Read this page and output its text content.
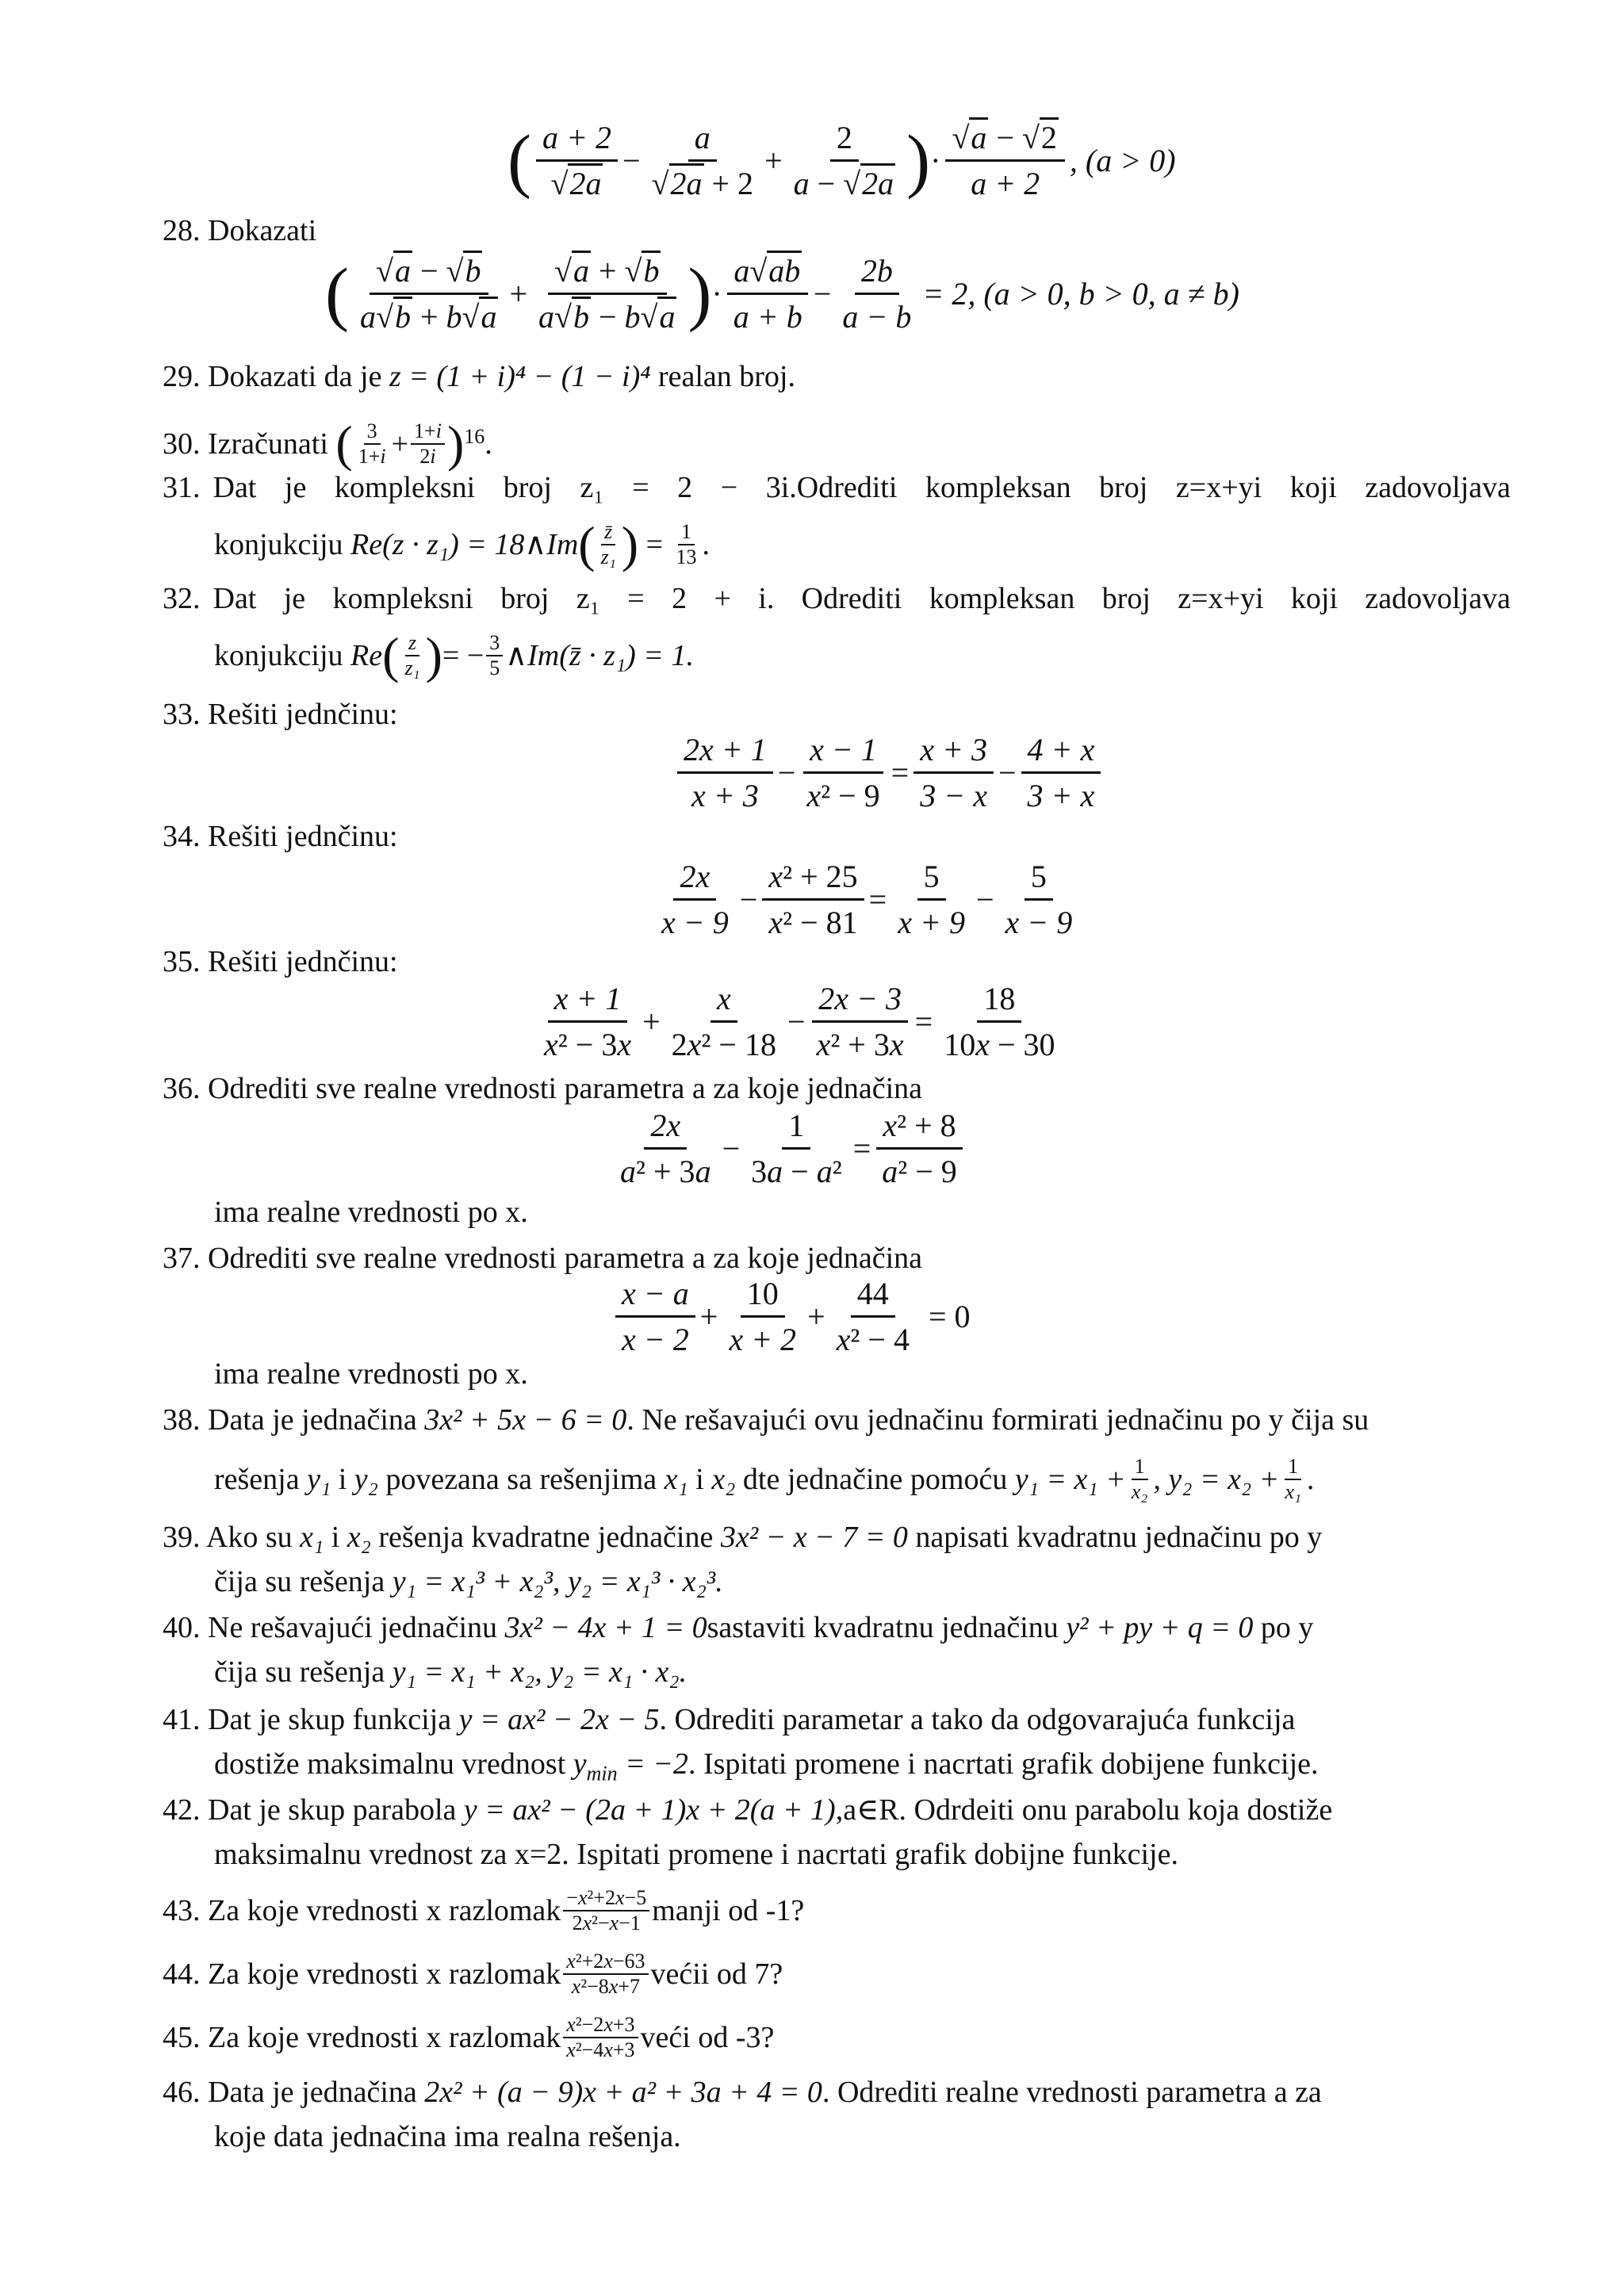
( $\frac{a + 2}{√2a} - \frac{a}{√2a + 2} + \frac{2}{a - √2a}$ ) · $\frac{√a - √2}{a + 2}$ , (a > 0)
28. Dokazati
( $\frac{√a - √b}{a√b + b√a} + \frac{√a + √b}{a√b - b√a}$ ) · $\frac{a√ab}{a + b} - \frac{2b}{a - b} = 2$, (a > 0, b > 0, a ≠ b)
29. Dokazati da je z = (1 + i)⁴ − (1 − i)⁴ realan broj.
30.
Izračunati
( $\frac{3}{1+i} + \frac{1+i}{2i}$ ) 16 .
31. Dat je kompleksni broj z₁ = 2 − 3i.Odrediti kompleksan broj z=x+yi koji zadovoljava
konjukciju
Re(z · z₁) = 18∧Im ( $\frac{z̄}{\text{z₁}}$ ) = $\frac{1}{13}$ .
32. Dat je kompleksni broj z₁ = 2 + i. Odrediti kompleksan broj z=x+yi koji zadovoljava
konjukciju
Re ( $\frac{z}{\text{z₁}}$ ) = − $\frac{3}{5}$ ∧Im(z̄ · z₁) = 1.
33. Rešiti jednčinu:
$\frac{2x + 1}{x + 3} - \frac{x - 1}{\text{x² − 9}} = \frac{x + 3}{3 - x} - \frac{4 + x}{3 + x}$
34. Rešiti jednčinu:
$\frac{2x}{x - 9} - \frac{\text{x² + 25}}{\text{x² − 81}} = \frac{5}{x + 9} - \frac{5}{x - 9}$
35. Rešiti jednčinu:
$\frac{x + 1}{\text{x² − 3x}} + \frac{x}{\text{2x² − 18}} - \frac{2x - 3}{\text{x² + 3x}} = \frac{18}{10x - 30}$
36. Odrediti sve realne vrednosti parametra a za koje jednačina
$\frac{2x}{\text{a² + 3a}} - \frac{1}{\text{3a − a²}} = \frac{\text{x² + 8}}{\text{a² − 9}}$
ima realne vrednosti po x.
37. Odrediti sve realne vrednosti parametra a za koje jednačina
$\frac{x - a}{x - 2} + \frac{10}{x + 2} + \frac{44}{\text{x² − 4}} = 0$
ima realne vrednosti po x.
38. Data je jednačina 3x² + 5x − 6 = 0. Ne rešavajući ovu jednačinu formirati jednačinu po y čija su
rešenja
y₁
i
y₂
povezana sa rešenjima
x₁
i
x₂
dte jednačine pomoću
$y_1 = x_1 + \frac{1}{\text{x₂}}$ , $y_2 = x_2 + \frac{1}{\text{x₁}}$ .
39. Ako su x₁ i x₂ rešenja kvadratne jednačine 3x² − x − 7 = 0 napisati kvadratnu jednačinu po y
čija su rešenja y₁ = x₁³ + x₂³, y₂ = x₁³ · x₂³.
40. Ne rešavajući jednačinu 3x² − 4x + 1 = 0sastaviti kvadratnu jednačinu y² + py + q = 0 po y
čija su rešenja y₁ = x₁ + x₂, y₂ = x₁ · x₂.
41. Dat je skup funkcija y = ax² − 2x − 5. Odrediti parametar a tako da odgovarajuća funkcija
dostiže maksimalnu vrednost $y_{min} = -2$. Ispitati promene i nacrtati grafik dobijene funkcije.
42. Dat je skup parabola y = ax² − (2a + 1)x + 2(a + 1),a∈R. Odrdeiti onu parabolu koja dostiže
maksimalnu vrednost za x=2. Ispitati promene i nacrtati grafik dobijne funkcije.
43.
Za koje vrednosti x razlomak $\frac{\text{−x²+2x−5}}{\text{2x²−x−1}}$ manji od -1?
44.
Za koje vrednosti x razlomak $\frac{\text{x²+2x−63}}{\text{x²−8x+7}}$ većii od 7?
45.
Za koje vrednosti x razlomak $\frac{\text{x²−2x+3}}{\text{x²−4x+3}}$ veći od -3?
46. Data je jednačina 2x² + (a − 9)x + a² + 3a + 4 = 0. Odrediti realne vrednosti parametra a za
koje data jednačina ima realna rešenja.
